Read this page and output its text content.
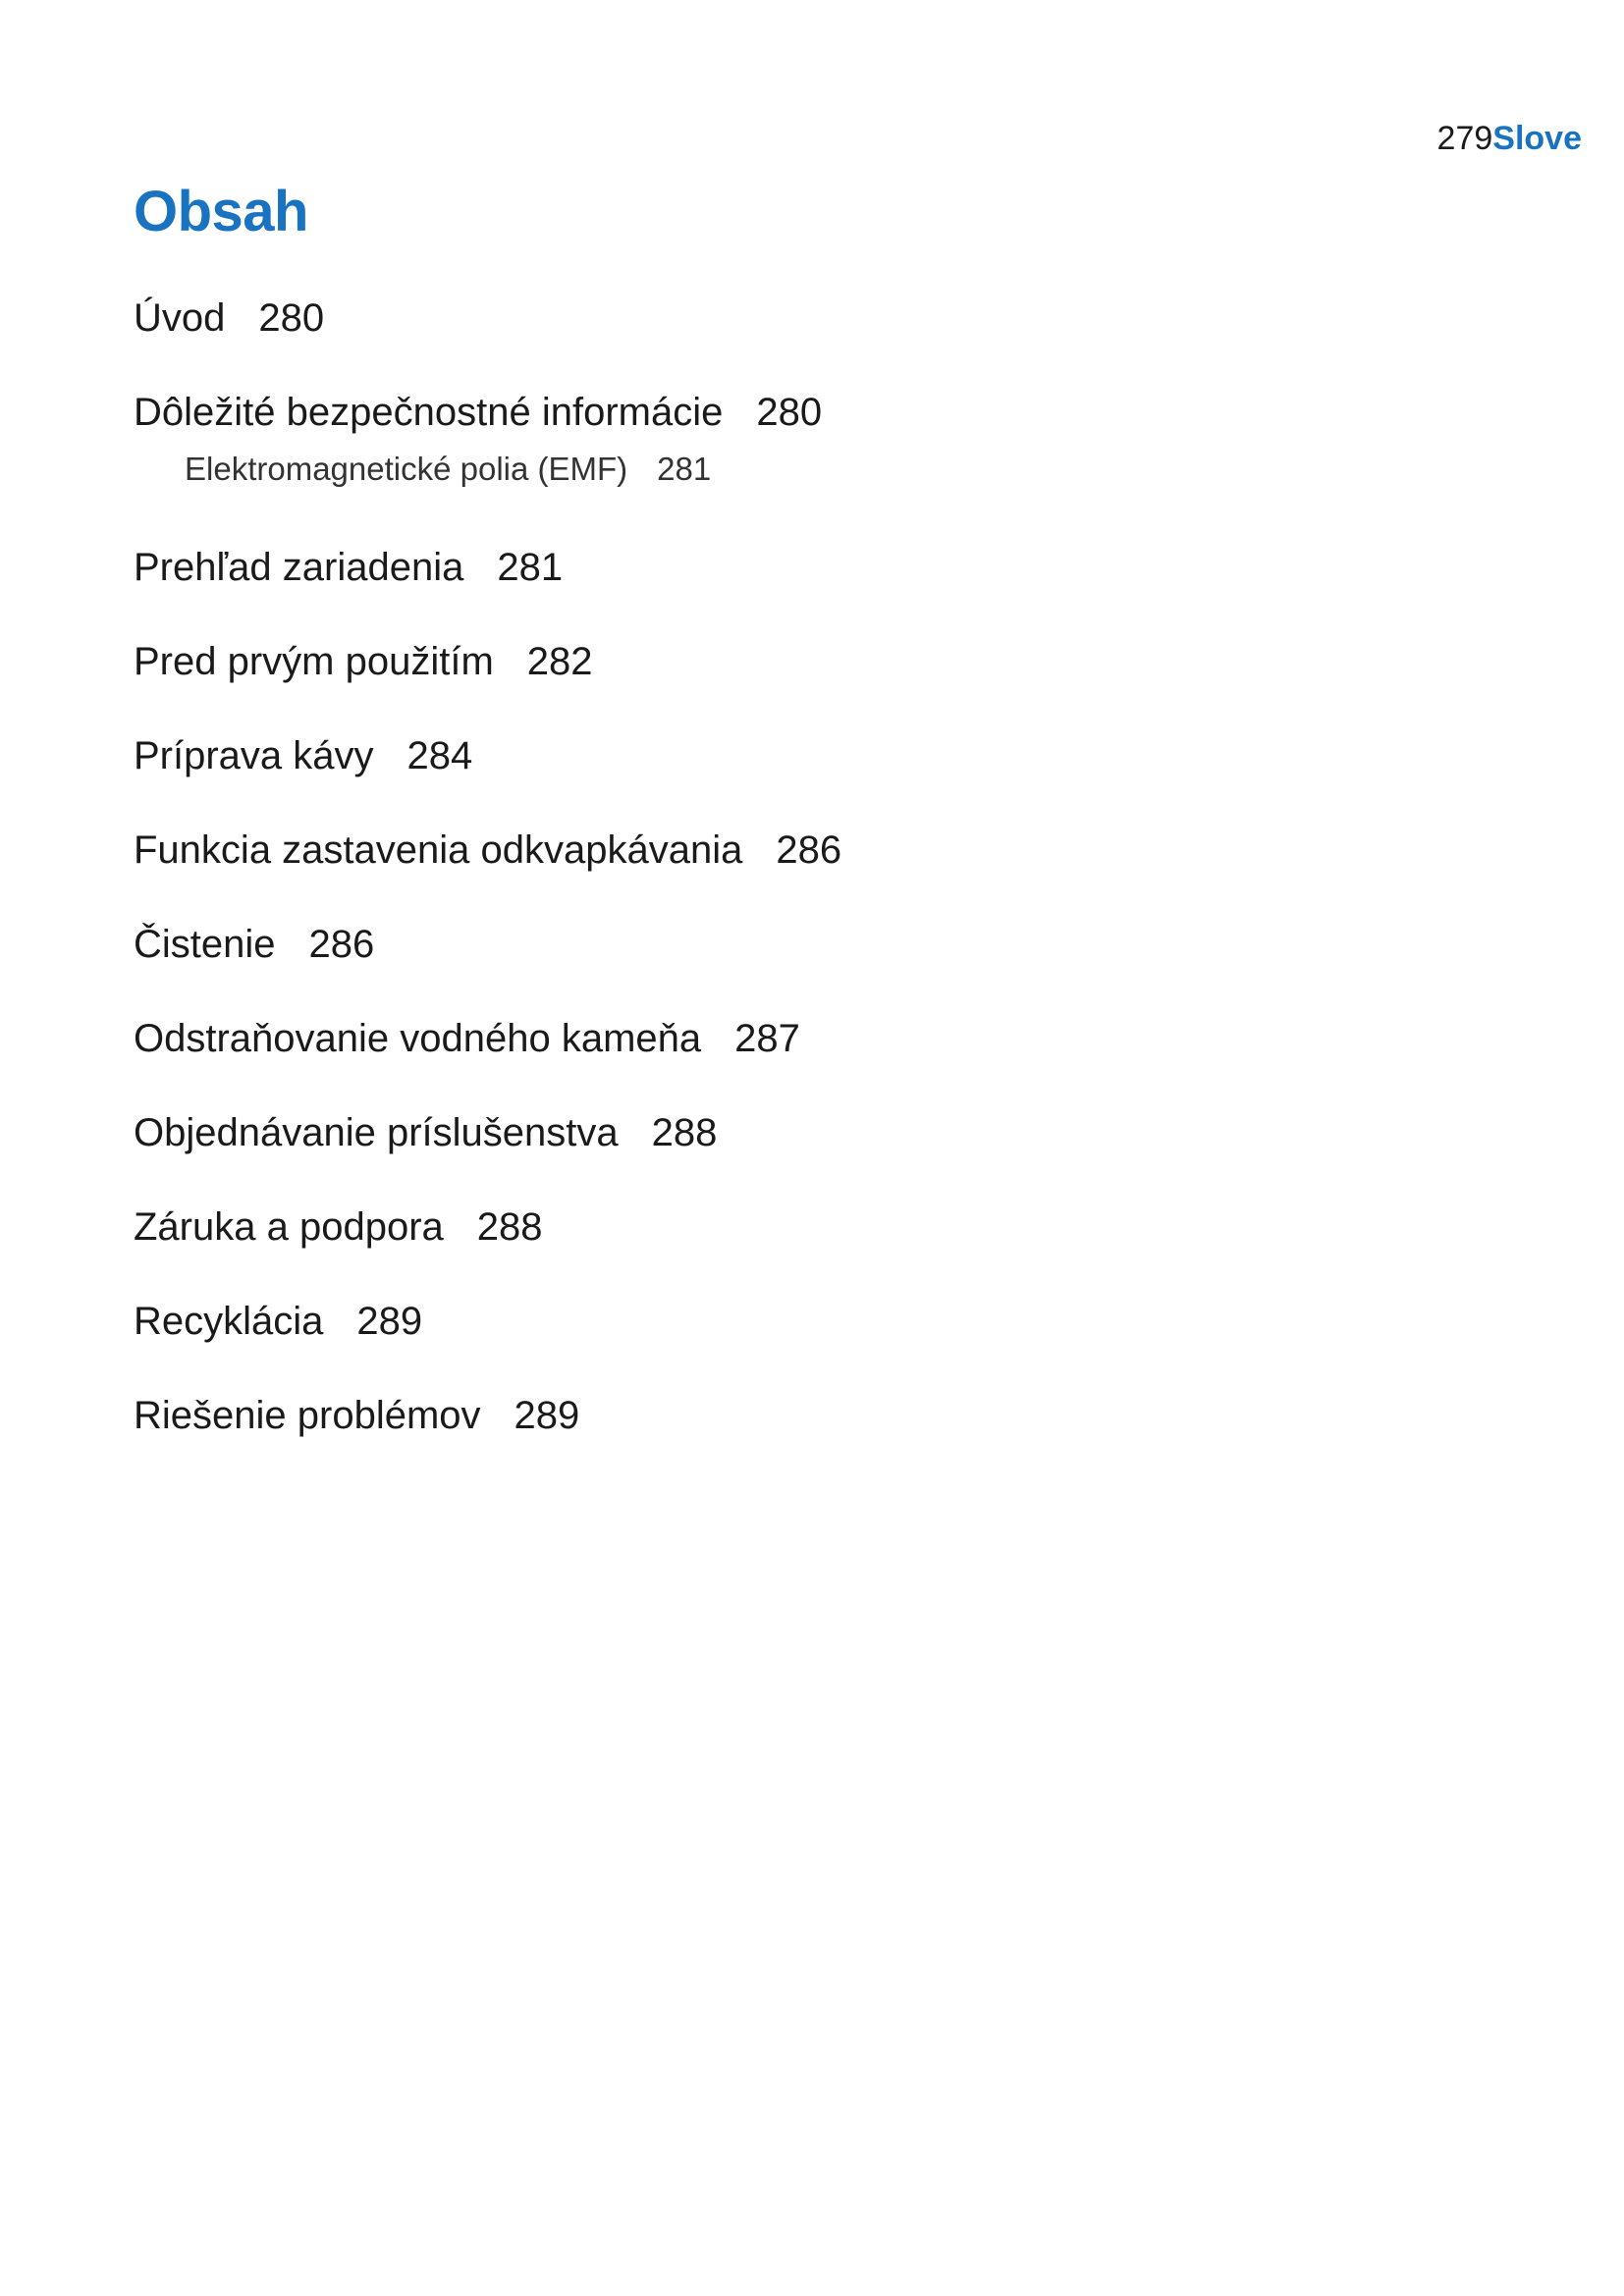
279Slove
Obsah
Úvod 280
Dôležité bezpečnostné informácie 280
Elektromagnetické polia (EMF) 281
Prehľad zariadenia 281
Pred prvým použitím 282
Príprava kávy 284
Funkcia zastavenia odkvapkávania 286
Čistenie 286
Odstraňovanie vodného kameňa 287
Objednávanie príslušenstva 288
Záruka a podpora 288
Recyklácia 289
Riešenie problémov 289
